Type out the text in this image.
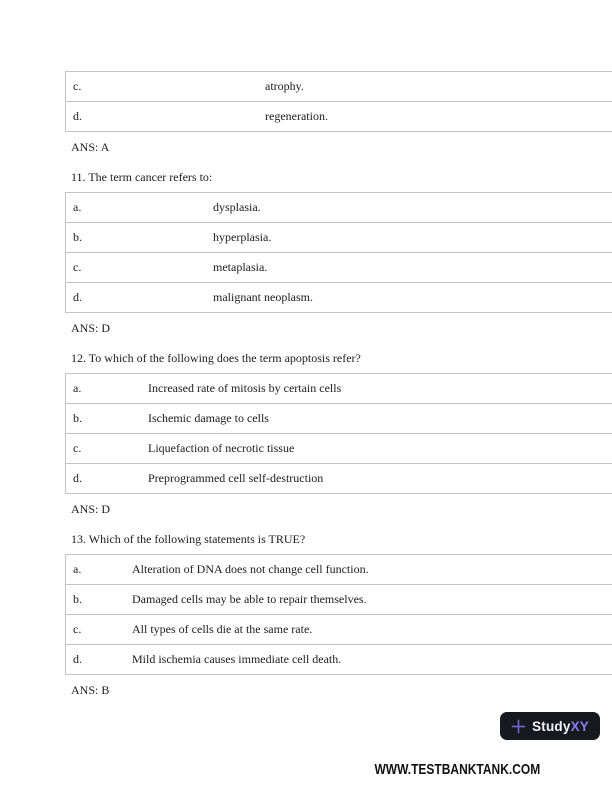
c.	atrophy.
d.	regeneration.
ANS: A
11. The term cancer refers to:
a.	dysplasia.
b.	hyperplasia.
c.	metaplasia.
d.	malignant neoplasm.
ANS: D
12. To which of the following does the term apoptosis refer?
a.	Increased rate of mitosis by certain cells
b.	Ischemic damage to cells
c.	Liquefaction of necrotic tissue
d.	Preprogrammed cell self-destruction
ANS: D
13. Which of the following statements is TRUE?
a.	Alteration of DNA does not change cell function.
b.	Damaged cells may be able to repair themselves.
c.	All types of cells die at the same rate.
d.	Mild ischemia causes immediate cell death.
ANS: B
StudyXY
WWW.TESTBANKTANK.COM
